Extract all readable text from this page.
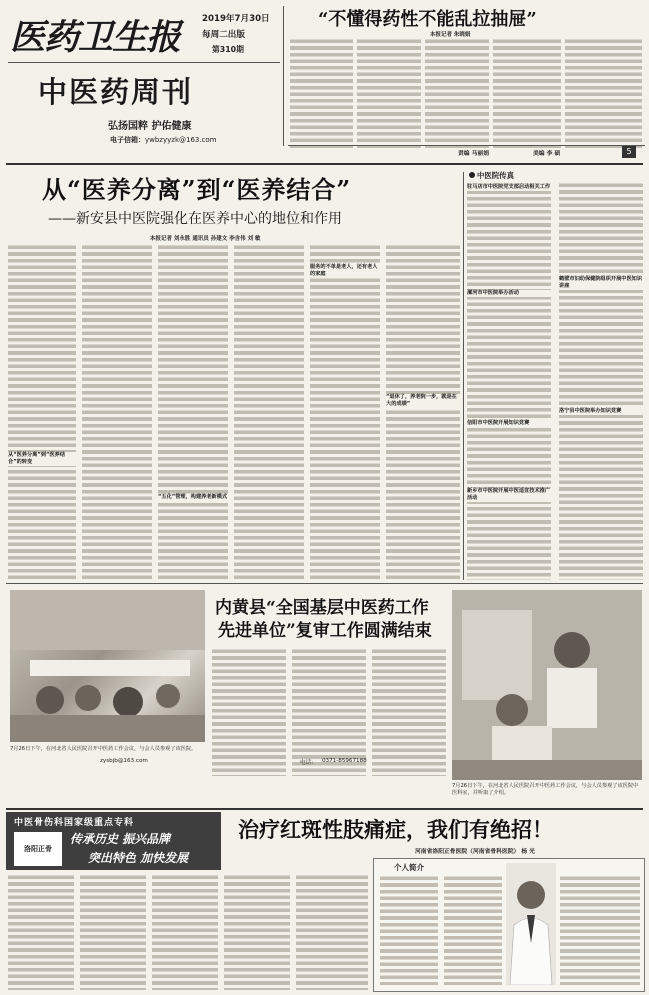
医药卫生报	2019年7月30日
每周二出版
第310期
中医药周刊
弘扬国粹 护佑健康
电子信箱：ywbzyyzk@163.com
“不懂得药性不能乱拉抽屉”
本报记者 朱晓娟
责编 马丽娟	美编 李 硕	5
从“医养分离”到“医养结合”
——新安县中医院强化在医养中心的地位和作用
本报记者 刘永胜 通讯员 孙建文 李含伟 刘 敏
从“医养分离”到“医养结合”的转变
“五化”管理，构建养老新模式
服务的不单是老人，还有老人的家庭
“退休了，养老院一步，就是在大的成绩”
中医院传真
驻马店市中医院党支部启动相关工作
漯河市中医院举办活动
鹤壁市妇幼保健院组织开展中医知识讲座
信阳市中医院开展知识竞赛
新乡市中医院开展中医适宜技术推广活动
洛宁县中医院举办知识竞赛
内黄县“全国基层中医药工作
先进单位”复审工作圆满结束
7月26日下午，在河北省人民医院召开中医药工作会议，与会人员参观了该医院。
7月26日下午，在河北省人民医院召开中医药工作会议，与会人员参观了该医院中医科室，并听取了介绍。
zysbjb@163.com	电话： 0371-85967188
中医骨伤科国家级重点专科
洛阳正骨
传承历史 振兴品牌
突出特色 加快发展
治疗红斑性肢痛症，我们有绝招！
河南省洛阳正骨医院（河南省骨科医院） 杨 光
个人简介
